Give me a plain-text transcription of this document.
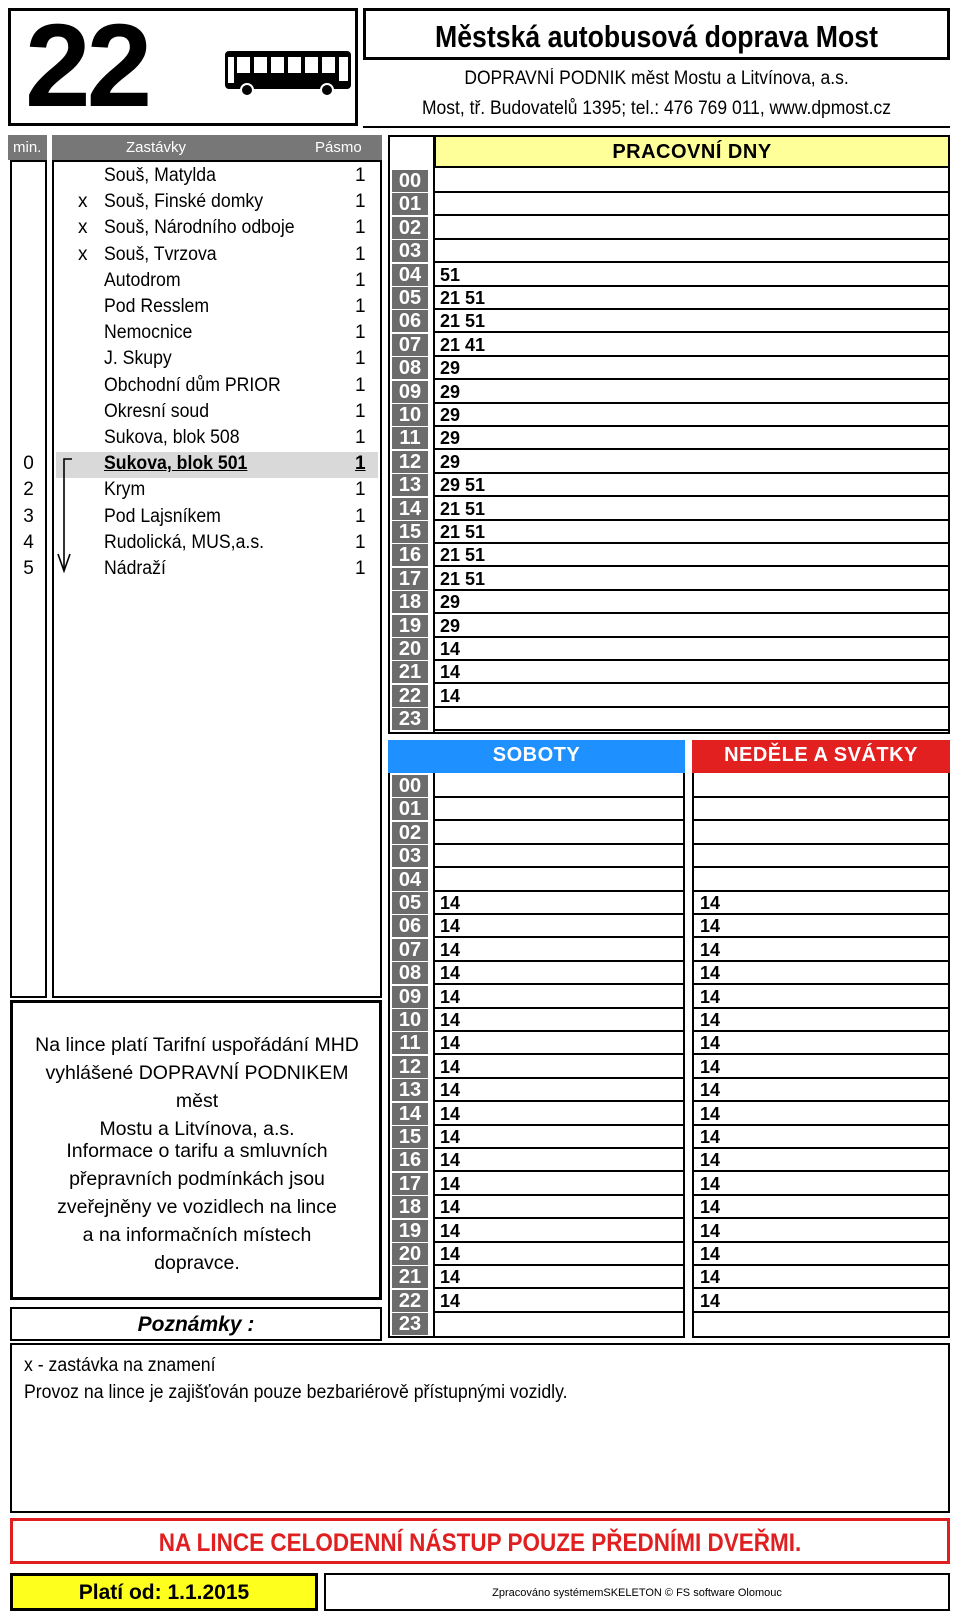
22	Městská autobusová doprava Most
DOPRAVNÍ PODNIK měst Mostu a Litvínova, a.s.
Most, tř. Budovatelů 1395; tel.: 476 769 011, www.dpmost.cz
min.	Zastávky	Pásmo
Souš, Matylda	1
x Souš, Finské domky	1
x Souš, Národního odboje	1
x Souš, Tvrzova	1
Autodrom	1
Pod Resslem	1
Nemocnice	1
J. Skupy	1
Obchodní dům PRIOR	1
Okresní soud	1
Sukova, blok 508	1
0	Sukova, blok 501	1
2	Krym	1
3	Pod Lajsníkem	1
4	Rudolická, MUS,a.s.	1
5	Nádraží	1
Na lince platí Tarifní uspořádání MHD
vyhlášené DOPRAVNÍ PODNIKEM měst
Mostu a Litvínova, a.s.
Informace o tarifu a smluvních
přepravních podmínkách jsou
zveřejněny ve vozidlech na lince
a na informačních místech
dopravce.
Poznámky :
x - zastávka na znamení
Provoz na lince je zajišťován pouze bezbariérově přístupnými vozidly.
NA LINCE CELODENNÍ NÁSTUP POUZE PŘEDNÍMI DVEŘMI.
Platí od: 1.1.2015	Zpracováno systémemSKELETON © FS software Olomouc
PRACOVNÍ DNY
00
01
02
03
04	51
05	21 51
06	21 51
07	21 41
08	29
09	29
10	29
11	29
12	29
13	29 51
14	21 51
15	21 51
16	21 51
17	21 51
18	29
19	29
20	14
21	14
22	14
23
SOBOTY	NEDĚLE A SVÁTKY
00
01
02
03
04
05	14	14
06	14	14
07	14	14
08	14	14
09	14	14
10	14	14
11	14	14
12	14	14
13	14	14
14	14	14
15	14	14
16	14	14
17	14	14
18	14	14
19	14	14
20	14	14
21	14	14
22	14	14
23
